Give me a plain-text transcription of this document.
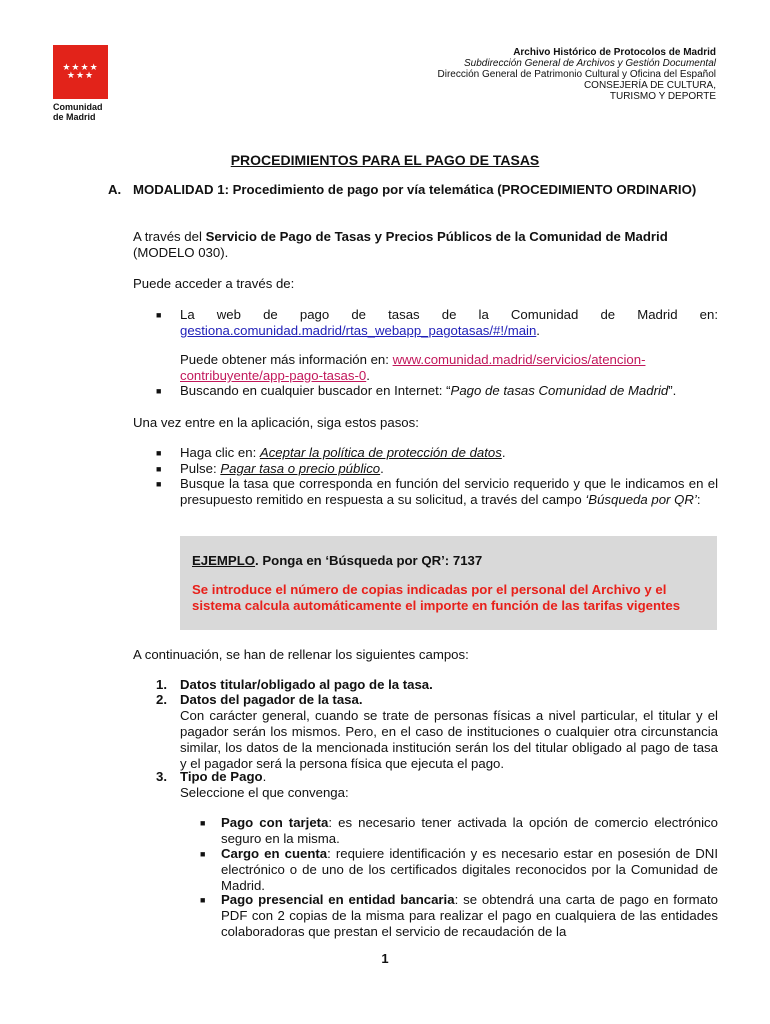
★★★★
★★★
Comunidad
de Madrid
Archivo Histórico de Protocolos de Madrid
Subdirección General de Archivos y Gestión Documental
Dirección General de Patrimonio Cultural y Oficina del Español
CONSEJERÍA DE CULTURA,
TURISMO Y DEPORTE
PROCEDIMIENTOS PARA EL PAGO DE TASAS
A. MODALIDAD 1: Procedimiento de pago por vía telemática (PROCEDIMIENTO ORDINARIO)
A través del Servicio de Pago de Tasas y Precios Públicos de la Comunidad de Madrid (MODELO 030).
Puede acceder a través de:
■ La web de pago de tasas de la Comunidad de Madrid en:
gestiona.comunidad.madrid/rtas_webapp_pagotasas/#!/main.
Puede obtener más información en: www.comunidad.madrid/servicios/atencion-contribuyente/app-pago-tasas-0.
■	Buscando en cualquier buscador en Internet: “Pago de tasas Comunidad de Madrid”.
Una vez entre en la aplicación, siga estos pasos:
■	Haga clic en: Aceptar la política de protección de datos.
■	Pulse: Pagar tasa o precio público.
■	Busque la tasa que corresponda en función del servicio requerido y que le indicamos en el presupuesto remitido en respuesta a su solicitud, a través del campo ‘Búsqueda por QR’:
EJEMPLO. Ponga en ‘Búsqueda por QR’: 7137
Se introduce el número de copias indicadas por el personal del Archivo y el sistema calcula automáticamente el importe en función de las tarifas vigentes
A continuación, se han de rellenar los siguientes campos:
1. Datos titular/obligado al pago de la tasa.
2. Datos del pagador de la tasa.
Con carácter general, cuando se trate de personas físicas a nivel particular, el titular y el pagador serán los mismos. Pero, en el caso de instituciones o cualquier otra circunstancia similar, los datos de la mencionada institución serán los del titular obligado al pago de tasa y el pagador será la persona física que ejecuta el pago.
3. Tipo de Pago.
Seleccione el que convenga:
■	Pago con tarjeta: es necesario tener activada la opción de comercio electrónico seguro en la misma.
■	Cargo en cuenta: requiere identificación y es necesario estar en posesión de DNI electrónico o de uno de los certificados digitales reconocidos por la Comunidad de Madrid.
■	Pago presencial en entidad bancaria: se obtendrá una carta de pago en formato PDF con 2 copias de la misma para realizar el pago en cualquiera de las entidades colaboradoras que prestan el servicio de recaudación de la
1
